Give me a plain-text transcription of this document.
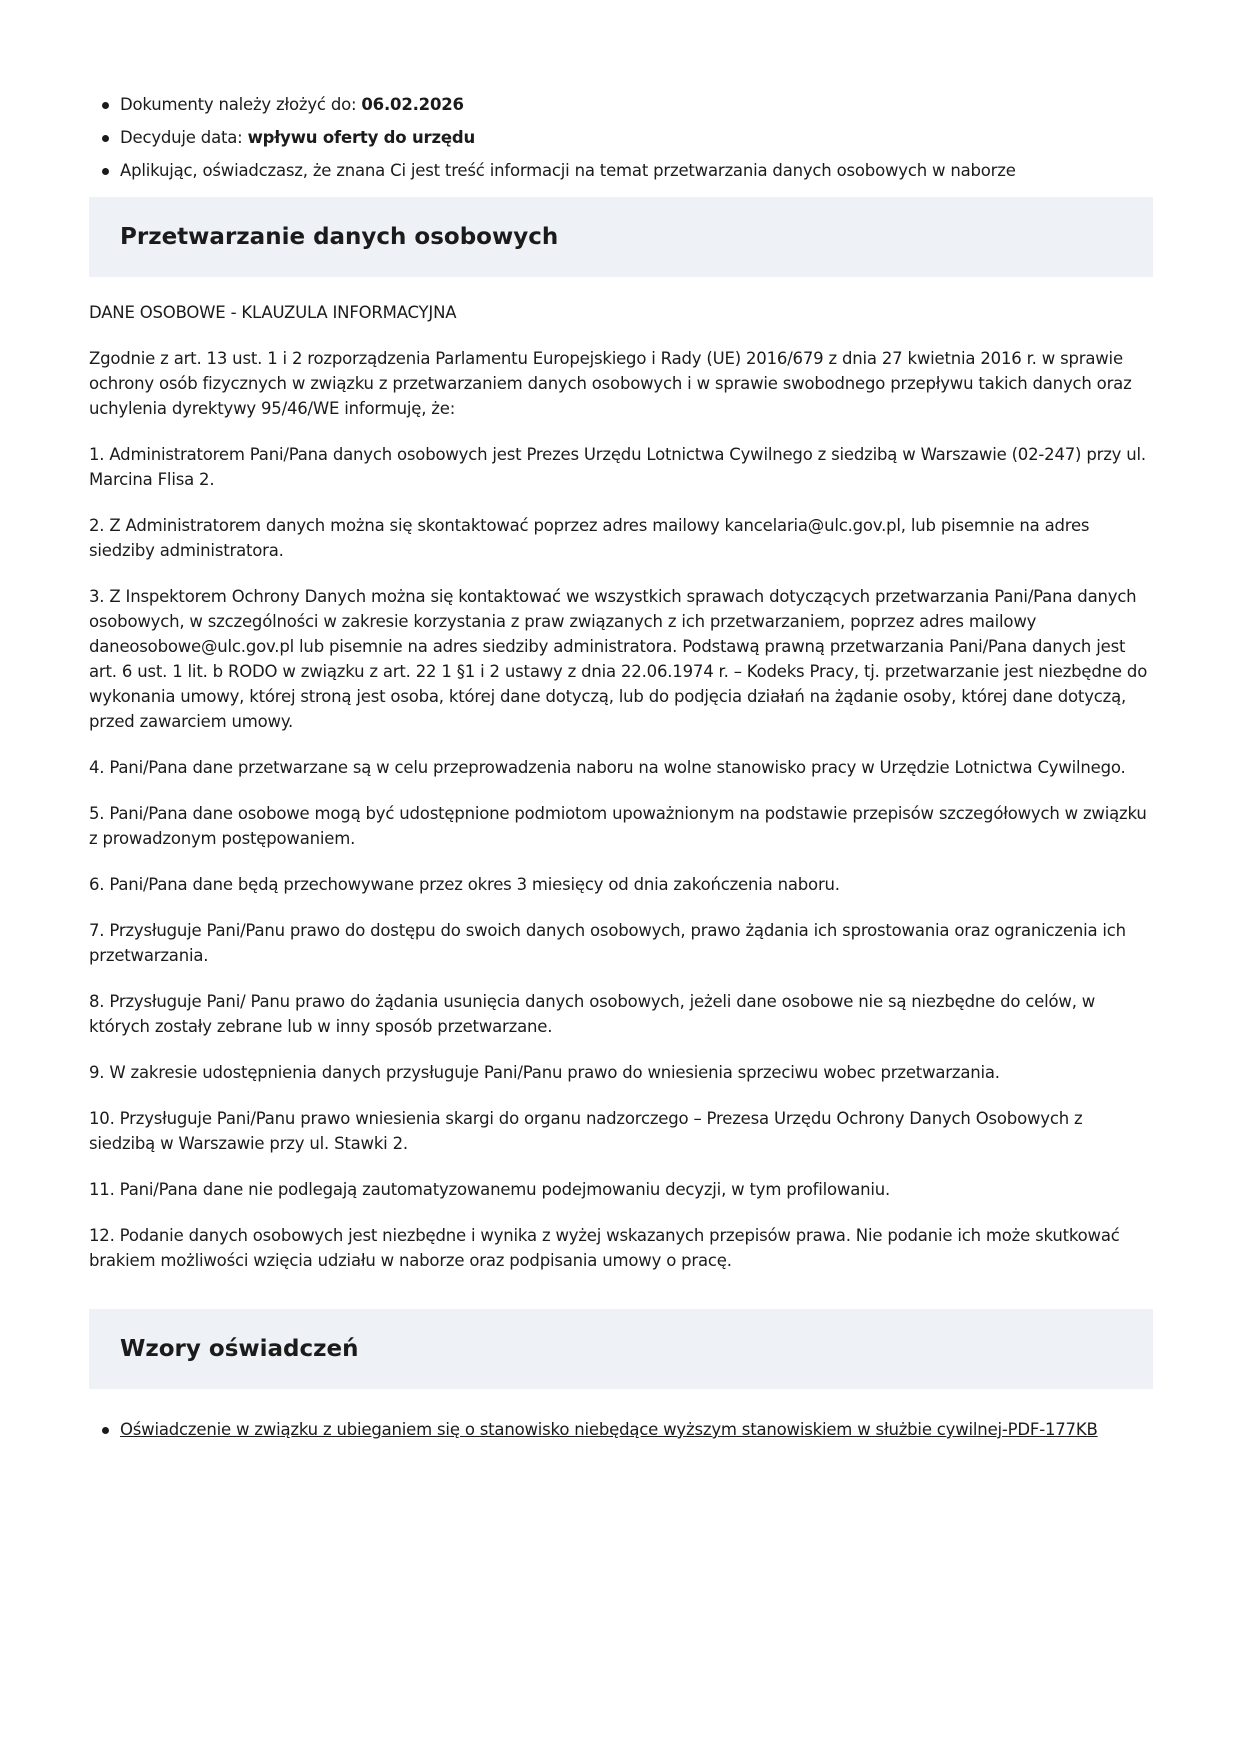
Dokumenty należy złożyć do: 06.02.2026
Decyduje data: wpływu oferty do urzędu
Aplikując, oświadczasz, że znana Ci jest treść informacji na temat przetwarzania danych osobowych w naborze
Przetwarzanie danych osobowych

DANE OSOBOWE - KLAUZULA INFORMACYJNA

Zgodnie z art. 13 ust. 1 i 2 rozporządzenia Parlamentu Europejskiego i Rady (UE) 2016/679 z dnia 27 kwietnia 2016 r. w sprawie ochrony osób fizycznych w związku z przetwarzaniem danych osobowych i w sprawie swobodnego przepływu takich danych oraz uchylenia dyrektywy 95/46/WE informuję, że:

1. Administratorem Pani/Pana danych osobowych jest Prezes Urzędu Lotnictwa Cywilnego z siedzibą w Warszawie (02-247) przy ul. Marcina Flisa 2.

2. Z Administratorem danych można się skontaktować poprzez adres mailowy kancelaria@ulc.gov.pl, lub pisemnie na adres siedziby administratora.

3. Z Inspektorem Ochrony Danych można się kontaktować we wszystkich sprawach dotyczących przetwarzania Pani/Pana danych osobowych, w szczególności w zakresie korzystania z praw związanych z ich przetwarzaniem, poprzez adres mailowy daneosobowe@ulc.gov.pl lub pisemnie na adres siedziby administratora. Podstawą prawną przetwarzania Pani/Pana danych jest art. 6 ust. 1 lit. b RODO w związku z art. 22 1 §1 i 2 ustawy z dnia 22.06.1974 r. – Kodeks Pracy, tj. przetwarzanie jest niezbędne do wykonania umowy, której stroną jest osoba, której dane dotyczą, lub do podjęcia działań na żądanie osoby, której dane dotyczą, przed zawarciem umowy.

4. Pani/Pana dane przetwarzane są w celu przeprowadzenia naboru na wolne stanowisko pracy w Urzędzie Lotnictwa Cywilnego.

5. Pani/Pana dane osobowe mogą być udostępnione podmiotom upoważnionym na podstawie przepisów szczegółowych w związku z prowadzonym postępowaniem.

6. Pani/Pana dane będą przechowywane przez okres 3 miesięcy od dnia zakończenia naboru.

7. Przysługuje Pani/Panu prawo do dostępu do swoich danych osobowych, prawo żądania ich sprostowania oraz ograniczenia ich przetwarzania.

8. Przysługuje Pani/ Panu prawo do żądania usunięcia danych osobowych, jeżeli dane osobowe nie są niezbędne do celów, w których zostały zebrane lub w inny sposób przetwarzane.

9. W zakresie udostępnienia danych przysługuje Pani/Panu prawo do wniesienia sprzeciwu wobec przetwarzania.

10. Przysługuje Pani/Panu prawo wniesienia skargi do organu nadzorczego – Prezesa Urzędu Ochrony Danych Osobowych z siedzibą w Warszawie przy ul. Stawki 2.

11. Pani/Pana dane nie podlegają zautomatyzowanemu podejmowaniu decyzji, w tym profilowaniu.

12. Podanie danych osobowych jest niezbędne i wynika z wyżej wskazanych przepisów prawa. Nie podanie ich może skutkować brakiem możliwości wzięcia udziału w naborze oraz podpisania umowy o pracę.

Wzory oświadczeń
Oświadczenie w związku z ubieganiem się o stanowisko niebędące wyższym stanowiskiem w służbie cywilnej-PDF-177KB
